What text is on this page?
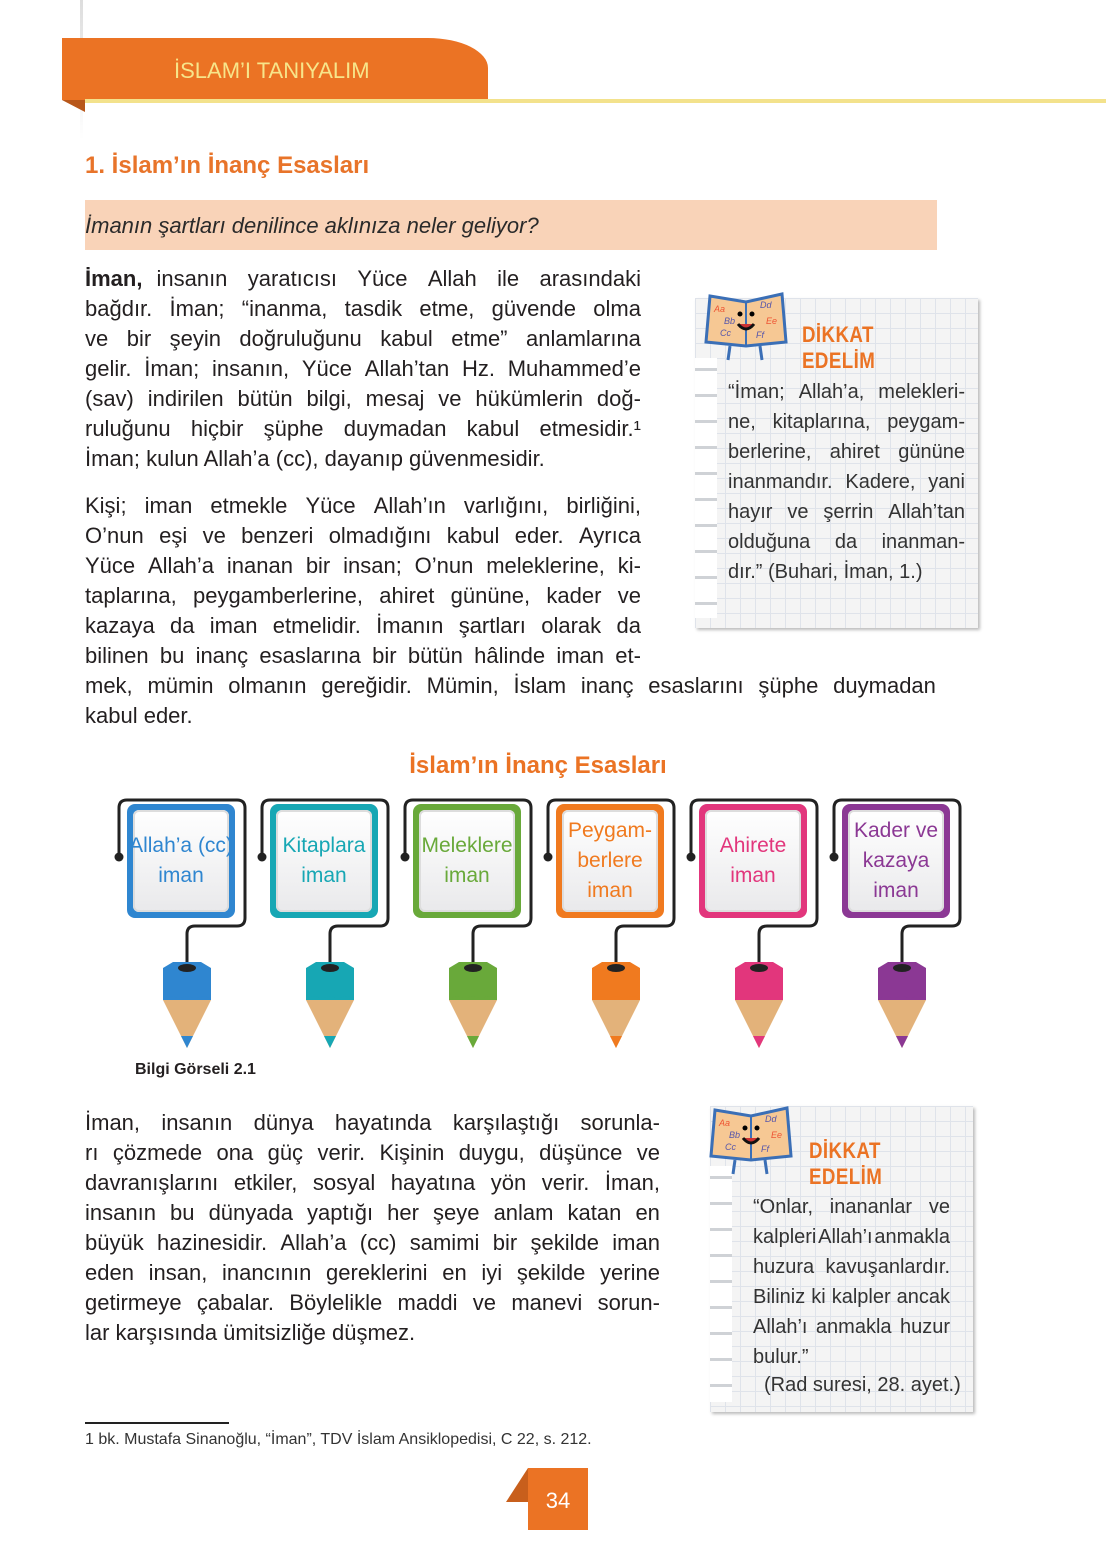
İSLAM’I TANIYALIM
1. İslam’ın İnanç Esasları
İmanın şartları denilince aklınıza neler geliyor?
İman, insanın yaratıcısı Yüce Allah ile arasındaki
bağdır. İman; “inanma, tasdik etme, güvende olma
ve bir şeyin doğruluğunu kabul etme” anlamlarına
gelir. İman; insanın, Yüce Allah’tan Hz. Muhammed’e
(sav) indirilen bütün bilgi, mesaj ve hükümlerin doğ-
ruluğunu hiçbir şüphe duymadan kabul etmesidir.¹
İman; kulun Allah’a (cc), dayanıp güvenmesidir.
Kişi; iman etmekle Yüce Allah’ın varlığını, birliğini,
O’nun eşi ve benzeri olmadığını kabul eder. Ayrıca
Yüce Allah’a inanan bir insan; O’nun meleklerine, ki-
taplarına, peygamberlerine, ahiret gününe, kader ve
kazaya da iman etmelidir. İmanın şartları olarak da
bilinen bu inanç esaslarına bir bütün hâlinde iman et-
mek, mümin olmanın gereğidir. Mümin, İslam inanç esaslarını şüphe duymadan
kabul eder.
Aa	Dd
Bb	Ee
Cc	Ff DİKKAT EDELİM
“İman; Allah’a, melekleri-
ne, kitaplarına, peygam-
berlerine, ahiret gününe
inanmandır. Kadere, yani
hayır ve şerrin Allah’tan
olduğuna da inanman-
dır.” (Buhari, İman, 1.)
İslam’ın İnanç Esasları
Allah’a (cc)
iman
Kitaplara
iman
Meleklere
iman
Peygam-
berlere
iman
Ahirete
iman
Kader ve
kazaya
iman
Bilgi Görseli 2.1
İman, insanın dünya hayatında karşılaştığı sorunla-
rı çözmede ona güç verir. Kişinin duygu, düşünce ve
davranışlarını etkiler, sosyal hayatına yön verir. İman,
insanın bu dünyada yaptığı her şeye anlam katan en
büyük hazinesidir. Allah’a (cc) samimi bir şekilde iman
eden insan, inancının gereklerini en iyi şekilde yerine
getirmeye çabalar. Böylelikle maddi ve manevi sorun-
lar karşısında ümitsizliğe düşmez.
Aa	Dd
Bb	Ee
Cc	Ff DİKKAT EDELİM
“Onlar, inananlar ve
kalpleri Allah’ı anmakla
huzura kavuşanlardır.
Biliniz ki kalpler ancak
Allah’ı anmakla huzur
bulur.”
(Rad suresi, 28. ayet.)
1 bk. Mustafa Sinanoğlu, “İman”, TDV İslam Ansiklopedisi, C 22, s. 212.
34
